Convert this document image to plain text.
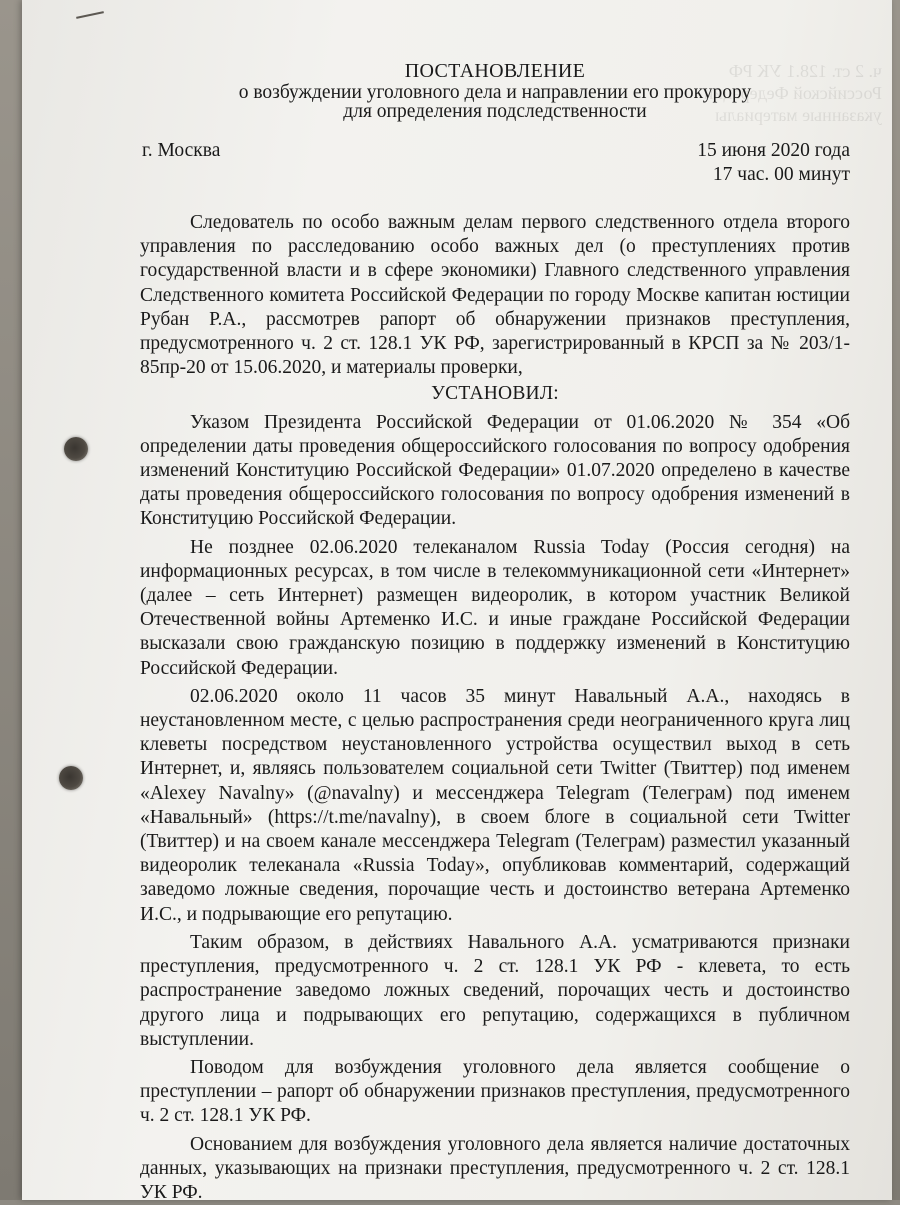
ч. 2 ст. 128.1 УК РФ
Российской Федерации
указанные материалы
ПОСТАНОВЛЕНИЕ
о возбуждении уголовного дела и направлении его прокурору
для определения подследственности
г. Москва	15 июня 2020 года
17 час. 00 минут

Следователь по особо важным делам первого следственного отдела второго управления по расследованию особо важных дел (о преступлениях против государственной власти и в сфере экономики) Главного следственного управления Следственного комитета Российской Федерации по городу Москве капитан юстиции Рубан Р.А., рассмотрев рапорт об обнаружении признаков преступления, предусмотренного ч. 2 ст. 128.1 УК РФ, зарегистрированный в КРСП за № 203/1-85пр-20 от 15.06.2020, и материалы проверки,

УСТАНОВИЛ:

Указом Президента Российской Федерации от 01.06.2020 № 354 «Об определении даты проведения общероссийского голосования по вопросу одобрения изменений Конституцию Российской Федерации» 01.07.2020 определено в качестве даты проведения общероссийского голосования по вопросу одобрения изменений в Конституцию Российской Федерации.

Не позднее 02.06.2020 телеканалом Russia Today (Россия сегодня) на информационных ресурсах, в том числе в телекоммуникационной сети «Интернет» (далее – сеть Интернет) размещен видеоролик, в котором участник Великой Отечественной войны Артеменко И.С. и иные граждане Российской Федерации высказали свою гражданскую позицию в поддержку изменений в Конституцию Российской Федерации.

02.06.2020 около 11 часов 35 минут Навальный А.А., находясь в неустановленном месте, с целью распространения среди неограниченного круга лиц клеветы посредством неустановленного устройства осуществил выход в сеть Интернет, и, являясь пользователем социальной сети Twitter (Твиттер) под именем «Alexey Navalny» (@navalny) и мессенджера Telegram (Телеграм) под именем «Навальный» (https://t.me/navalny), в своем блоге в социальной сети Twitter (Твиттер) и на своем канале мессенджера Telegram (Телеграм) разместил указанный видеоролик телеканала «Russia Today», опубликовав комментарий, содержащий заведомо ложные сведения, порочащие честь и достоинство ветерана Артеменко И.С., и подрывающие его репутацию.

Таким образом, в действиях Навального А.А. усматриваются признаки преступления, предусмотренного ч. 2 ст. 128.1 УК РФ - клевета, то есть распространение заведомо ложных сведений, порочащих честь и достоинство другого лица и подрывающих его репутацию, содержащихся в публичном выступлении.

Поводом для возбуждения уголовного дела является сообщение о преступлении – рапорт об обнаружении признаков преступления, предусмотренного ч. 2 ст. 128.1 УК РФ.

Основанием для возбуждения уголовного дела является наличие достаточных данных, указывающих на признаки преступления, предусмотренного ч. 2 ст. 128.1 УК РФ.
